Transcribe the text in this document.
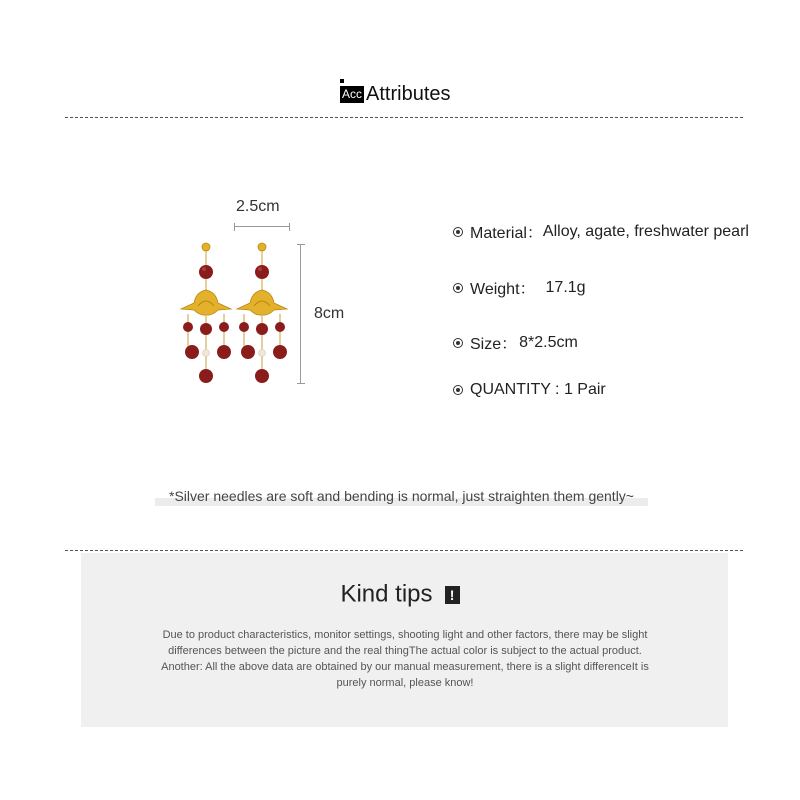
Acc Attributes
2.5cm
8cm
Material： Alloy, agate, freshwater pearl
Weight： 17.1g
Size： 8*2.5cm
QUANTITY : 1 Pair
*Silver needles are soft and bending is normal, just straighten them gently~
Kind tips !
Due to product characteristics, monitor settings, shooting light and other factors, there may be slight
differences between the picture and the real thingThe actual color is subject to the actual product.
Another: All the above data are obtained by our manual measurement, there is a slight differenceIt is
purely normal, please know!
